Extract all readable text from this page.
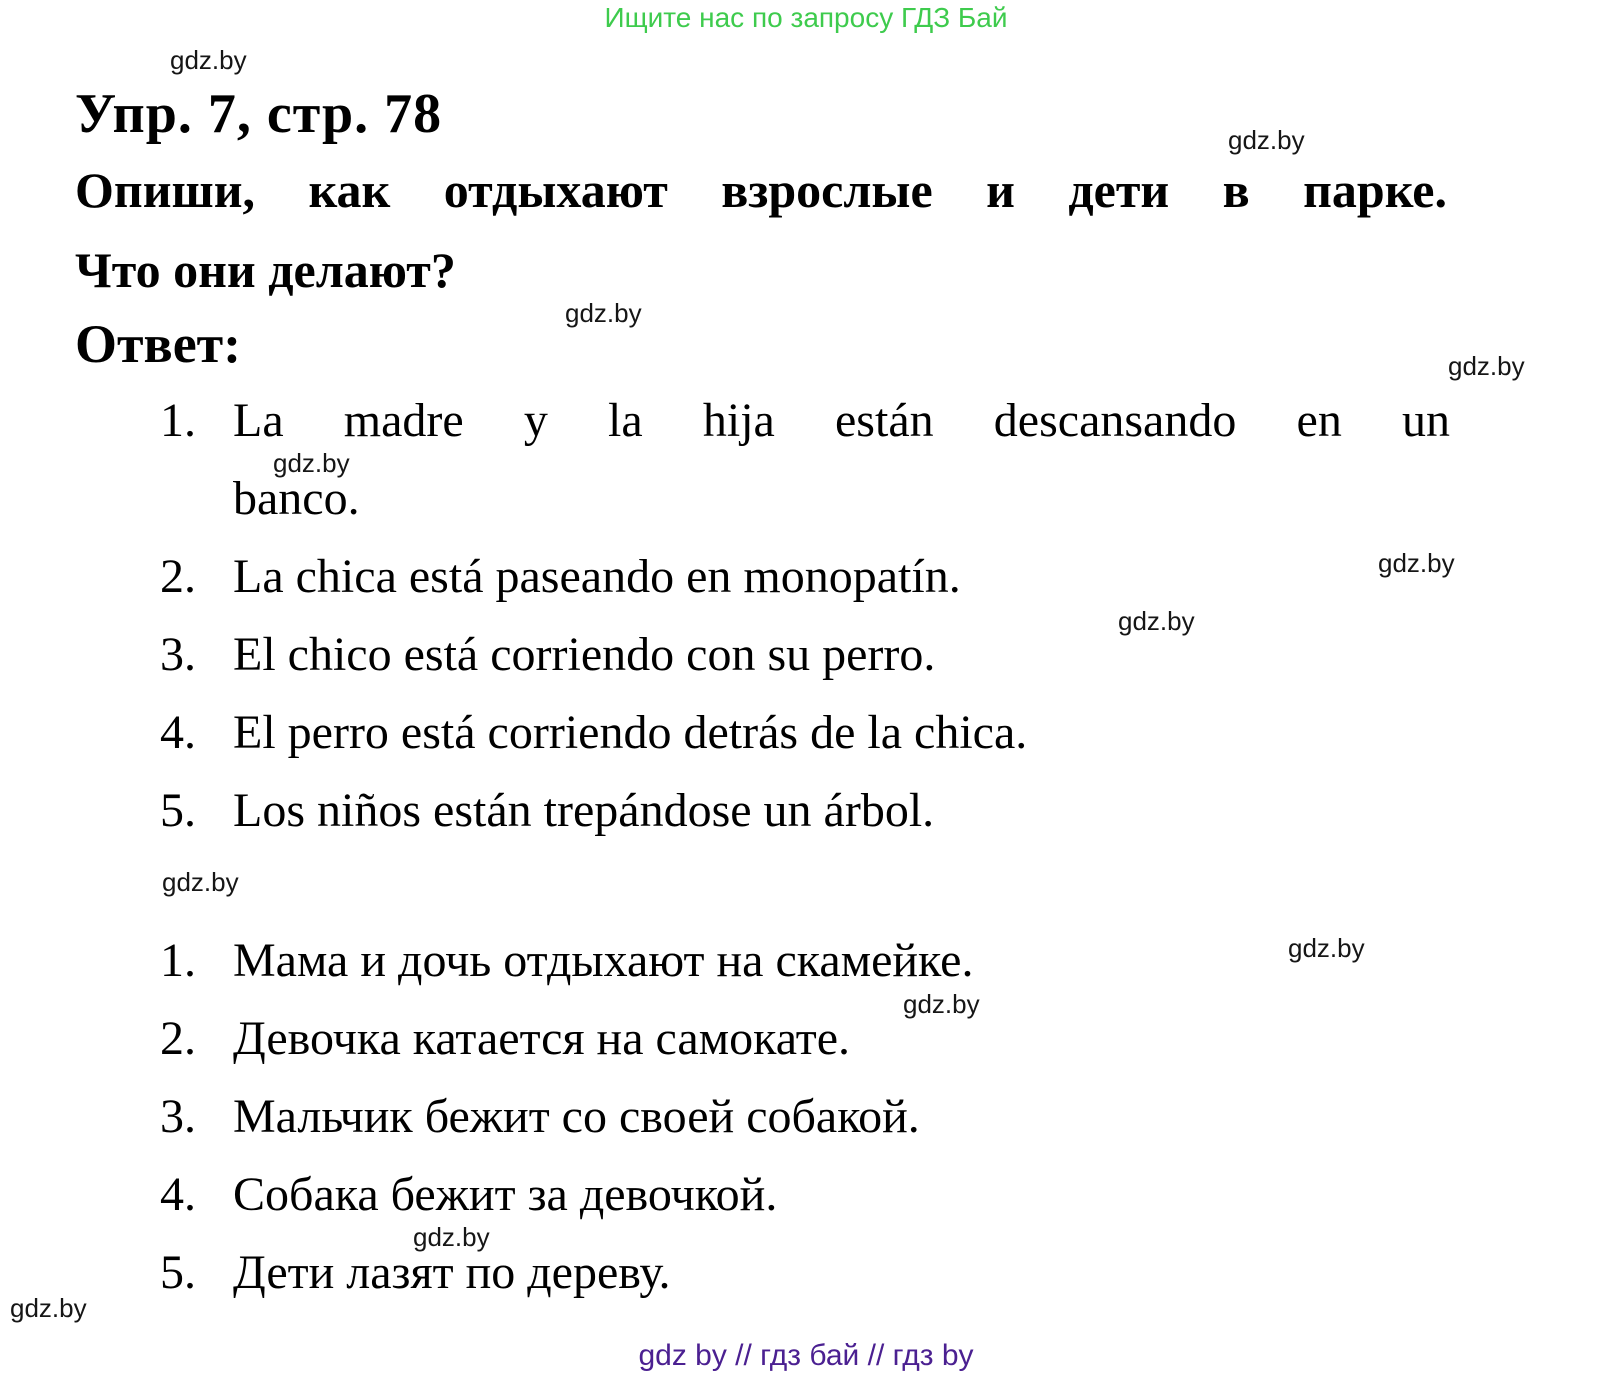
Ищите нас по запросу ГДЗ Бай
Упр. 7, стр. 78
Опиши, как отдыхают взрослые и дети в парке.
Что они делают?
Ответ:
1. La madre y la hija están descansando en un
banco.
2. La chica está paseando en monopatín.
3. El chico está corriendo con su perro.
4. El perro está corriendo detrás de la chica.
5. Los niños están trepándose un árbol.
1. Мама и дочь отдыхают на скамейке.
2. Девочка катается на самокате.
3. Мальчик бежит со своей собакой.
4. Собака бежит за девочкой.
5. Дети лазят по дереву.
gdz.by
gdz.by
gdz.by
gdz.by
gdz.by
gdz.by
gdz.by
gdz.by
gdz.by
gdz.by
gdz.by
gdz.by
gdz by // гдз бай // гдз by
